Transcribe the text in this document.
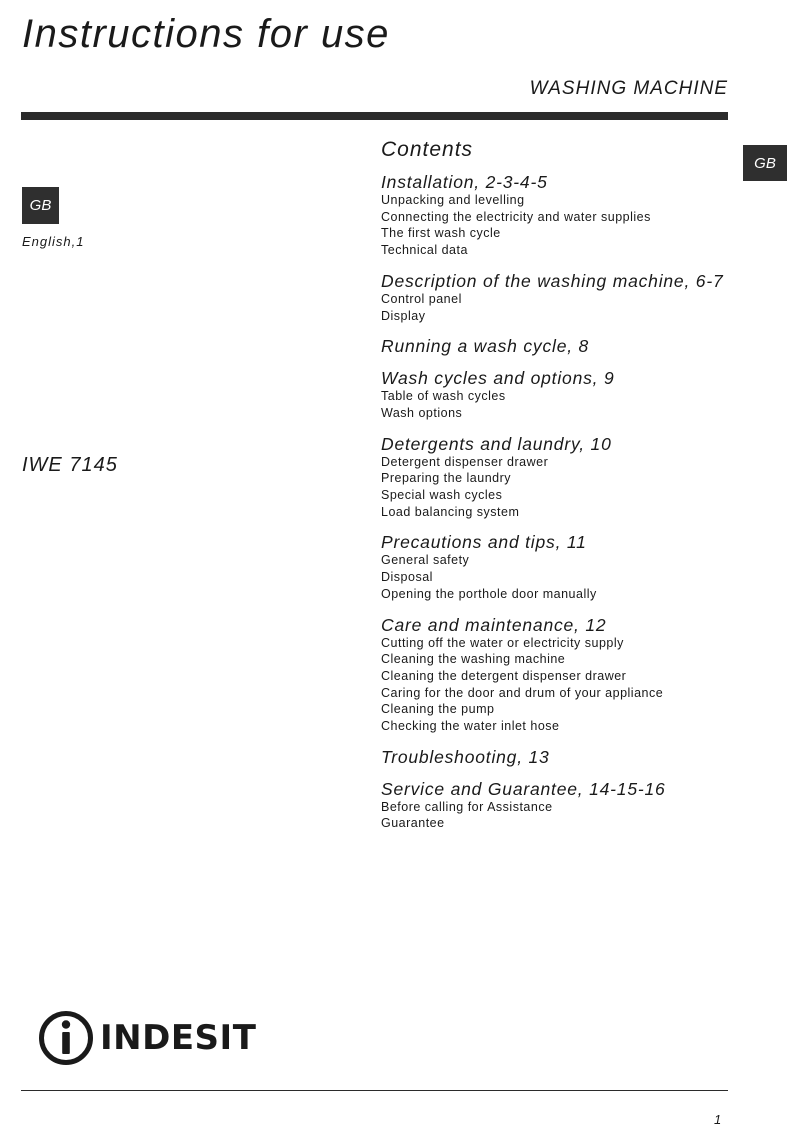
Instructions for use
WASHING MACHINE
GB
GB
English,1
IWE 7145
Contents
Installation, 2-3-4-5
Unpacking and levelling
Connecting the electricity and water supplies
The first wash cycle
Technical data
Description of the washing machine, 6-7
Control panel
Display
Running a wash cycle, 8
Wash cycles and options, 9
Table of wash cycles
Wash options
Detergents and laundry, 10
Detergent dispenser drawer
Preparing the laundry
Special wash cycles
Load balancing system
Precautions and tips, 11
General safety
Disposal
Opening the porthole door manually
Care and maintenance, 12
Cutting off the water or electricity supply
Cleaning the washing machine
Cleaning the detergent dispenser drawer
Caring for the door and drum of your appliance
Cleaning the pump
Checking the water inlet hose
Troubleshooting, 13
Service and Guarantee, 14-15-16
Before calling for Assistance
Guarantee
INDESIT
1
